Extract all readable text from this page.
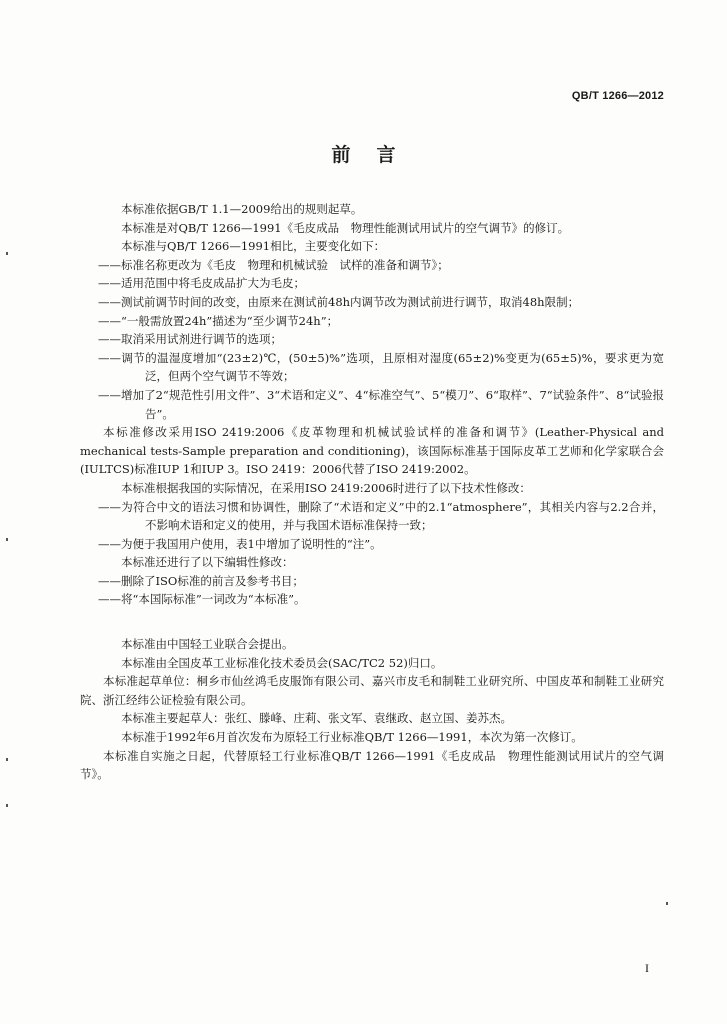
QB/T 1266—2012
前言

本标准依据GB/T 1.1—2009给出的规则起草。

本标准是对QB/T 1266—1991《毛皮成品　物理性能测试用试片的空气调节》的修订。

本标准与QB/T 1266—1991相比，主要变化如下：

——标准名称更改为《毛皮　物理和机械试验　试样的准备和调节》；

——适用范围中将毛皮成品扩大为毛皮；

——测试前调节时间的改变，由原来在测试前48h内调节改为测试前进行调节，取消48h限制；

——“一般需放置24h”描述为“至少调节24h”；

——取消采用试剂进行调节的选项；

——调节的温湿度增加“(23±2)℃，(50±5)%”选项，且原相对湿度(65±2)%变更为(65±5)%，要求更为宽泛，但两个空气调节不等效；

——增加了2“规范性引用文件”、3“术语和定义”、4“标准空气”、5“模刀”、6“取样”、7“试验条件”、8“试验报告”。

本标准修改采用ISO 2419:2006《皮革物理和机械试验试样的准备和调节》(Leather-Physical and mechanical tests-Sample preparation and conditioning)，该国际标准基于国际皮革工艺师和化学家联合会(IULTCS)标准IUP 1和IUP 3。ISO 2419：2006代替了ISO 2419:2002。

本标准根据我国的实际情况，在采用ISO 2419:2006时进行了以下技术性修改：

——为符合中文的语法习惯和协调性，删除了“术语和定义”中的2.1“atmosphere”，其相关内容与2.2合并，不影响术语和定义的使用，并与我国术语标准保持一致；

——为便于我国用户使用，表1中增加了说明性的“注”。

本标准还进行了以下编辑性修改：

——删除了ISO标准的前言及参考书目；

——将“本国际标准”一词改为“本标准”。

本标准由中国轻工业联合会提出。

本标准由全国皮革工业标准化技术委员会(SAC/TC2 52)归口。

本标准起草单位：桐乡市仙丝鸿毛皮服饰有限公司、嘉兴市皮毛和制鞋工业研究所、中国皮革和制鞋工业研究院、浙江经纬公证检验有限公司。

本标准主要起草人：张红、滕峰、庄莉、张文军、袁继政、赵立国、姜苏杰。

本标准于1992年6月首次发布为原轻工行业标准QB/T 1266—1991，本次为第一次修订。

本标准自实施之日起，代替原轻工行业标准QB/T 1266—1991《毛皮成品　物理性能测试用试片的空气调节》。

I
